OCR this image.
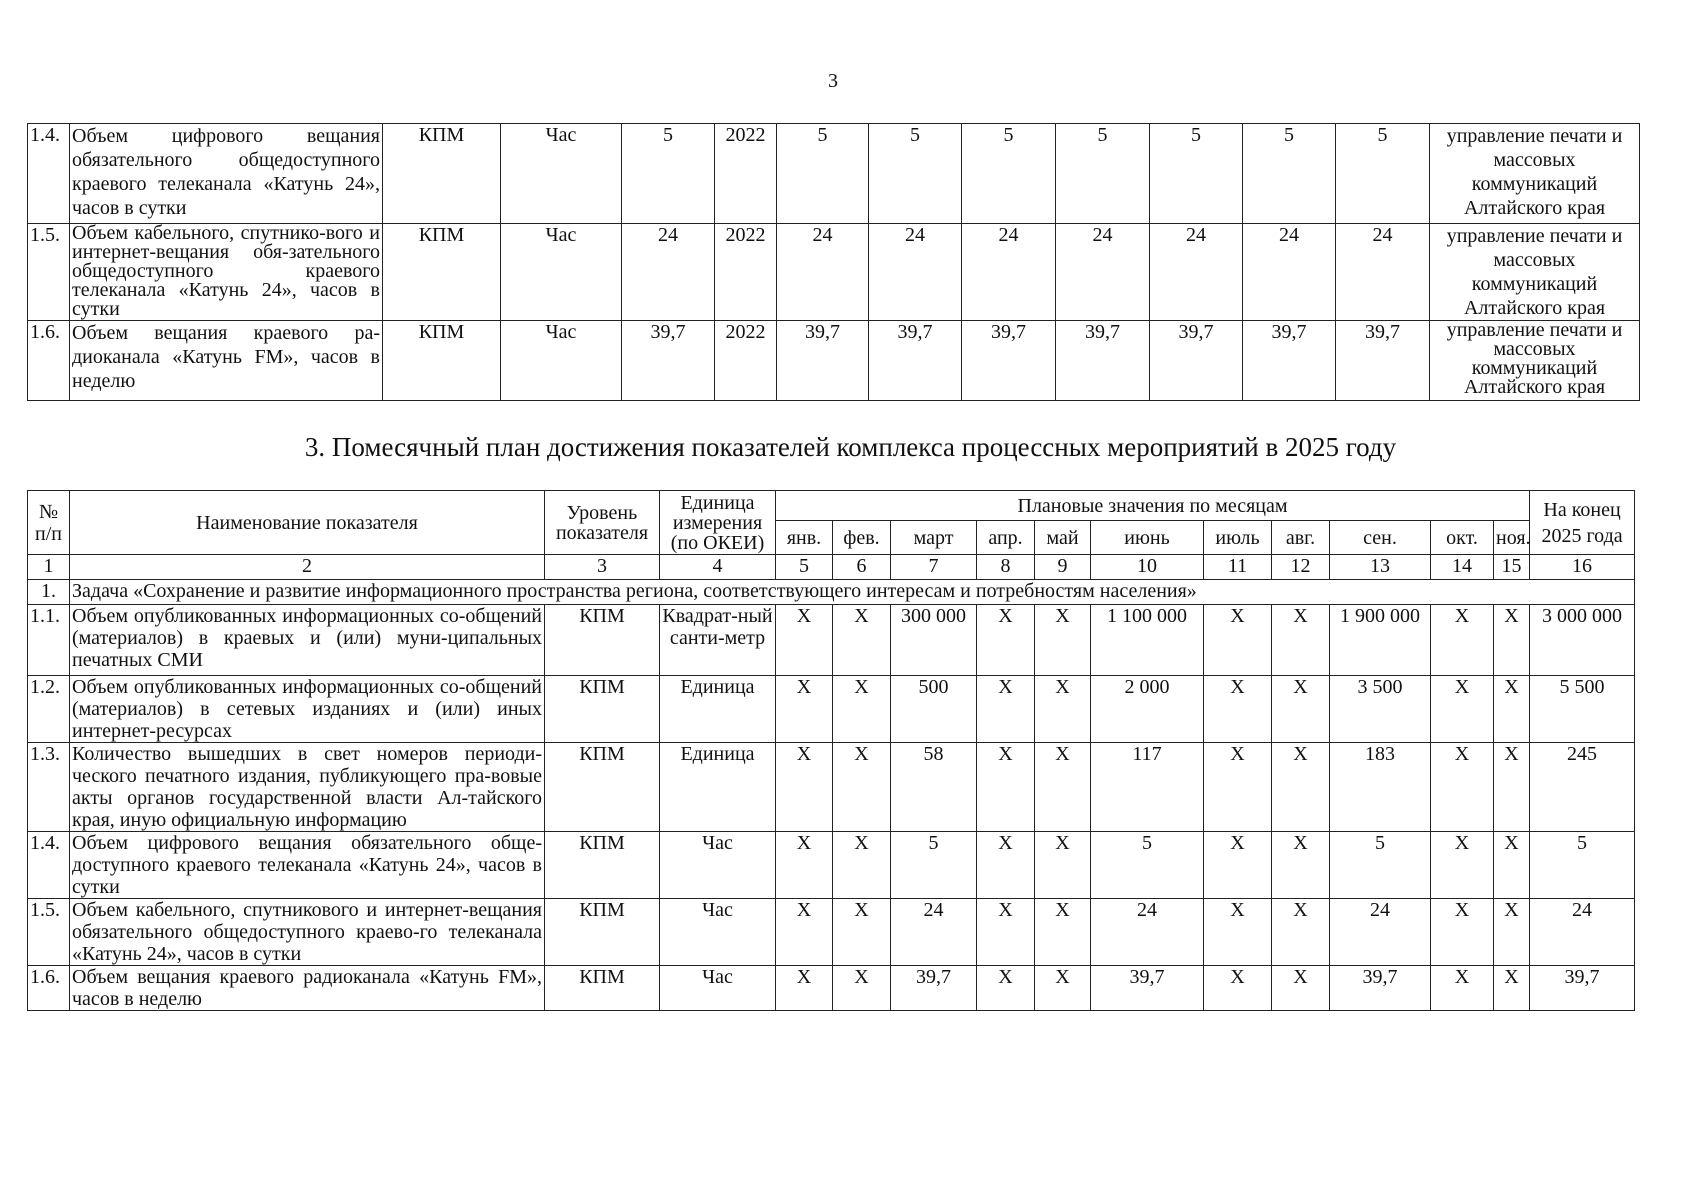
3
1.4.	Объем цифрового вещания обязательного общедоступного краевого телеканала «Катунь 24», часов в сутки	КПМ	Час	5	2022	5	5	5	5	5	5	5	управление печати и массовых коммуникаций Алтайского края
1.5.	Объем кабельного, спутнико-вого и интернет-вещания обя-зательного общедоступного краевого телеканала «Катунь 24», часов в сутки	КПМ	Час	24	2022	24	24	24	24	24	24	24	управление печати и массовых коммуникаций Алтайского края
1.6.	Объем вещания краевого ра-диоканала «Катунь FM», часов в неделю	КПМ	Час	39,7	2022	39,7	39,7	39,7	39,7	39,7	39,7	39,7	управление печати и массовых коммуникаций Алтайского края
3. Помесячный план достижения показателей комплекса процессных мероприятий в 2025 году
№ п/п	Наименование показателя	Уровень показателя	Единица измерения (по ОКЕИ)	Плановые значения по месяцам											На конец 2025 года
				янв.	фев.	март	апр.	май	июнь	июль	авг.	сен.	окт.	ноя.	
1	2	3	4	5	6	7	8	9	10	11	12	13	14	15	16
1.	Задача «Сохранение и развитие информационного пространства региона, соответствующего интересам и потребностям населения»														
1.1.	Объем опубликованных информационных со-общений (материалов) в краевых и (или) муни-ципальных печатных СМИ	КПМ	Квадрат-ный санти-метр	X	X	300 000	X	X	1 100 000	X	X	1 900 000	X	X	3 000 000
1.2.	Объем опубликованных информационных со-общений (материалов) в сетевых изданиях и (или) иных интернет-ресурсах	КПМ	Единица	X	X	500	X	X	2 000	X	X	3 500	X	X	5 500
1.3.	Количество вышедших в свет номеров периоди-ческого печатного издания, публикующего пра-вовые акты органов государственной власти Ал-тайского края, иную официальную информацию	КПМ	Единица	X	X	58	X	X	117	X	X	183	X	X	245
1.4.	Объем цифрового вещания обязательного обще-доступного краевого телеканала «Катунь 24», часов в сутки	КПМ	Час	X	X	5	X	X	5	X	X	5	X	X	5
1.5.	Объем кабельного, спутникового и интернет-вещания обязательного общедоступного краево-го телеканала «Катунь 24», часов в сутки	КПМ	Час	X	X	24	X	X	24	X	X	24	X	X	24
1.6.	Объем вещания краевого радиоканала «Катунь FM», часов в неделю	КПМ	Час	X	X	39,7	X	X	39,7	X	X	39,7	X	X	39,7
